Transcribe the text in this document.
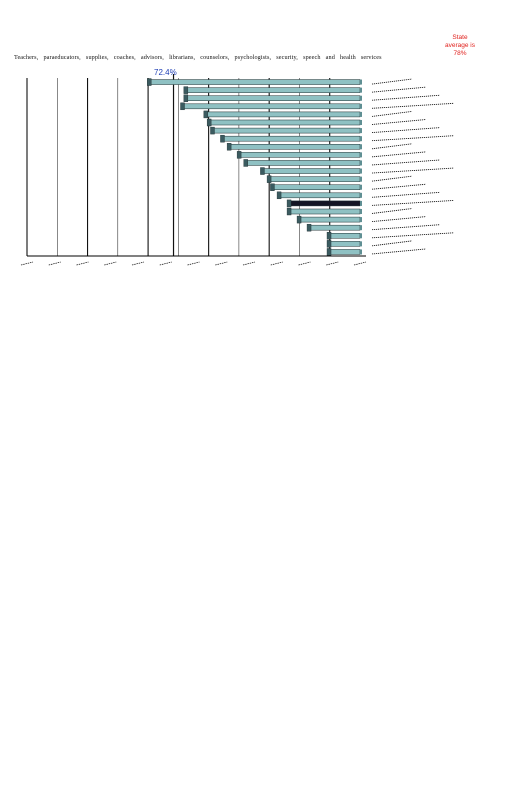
State average is 78%
Teachers, paraeducators, supplies, coaches, advisors, librarians, counselors, psychologists, security, speech and health services
72.4%
